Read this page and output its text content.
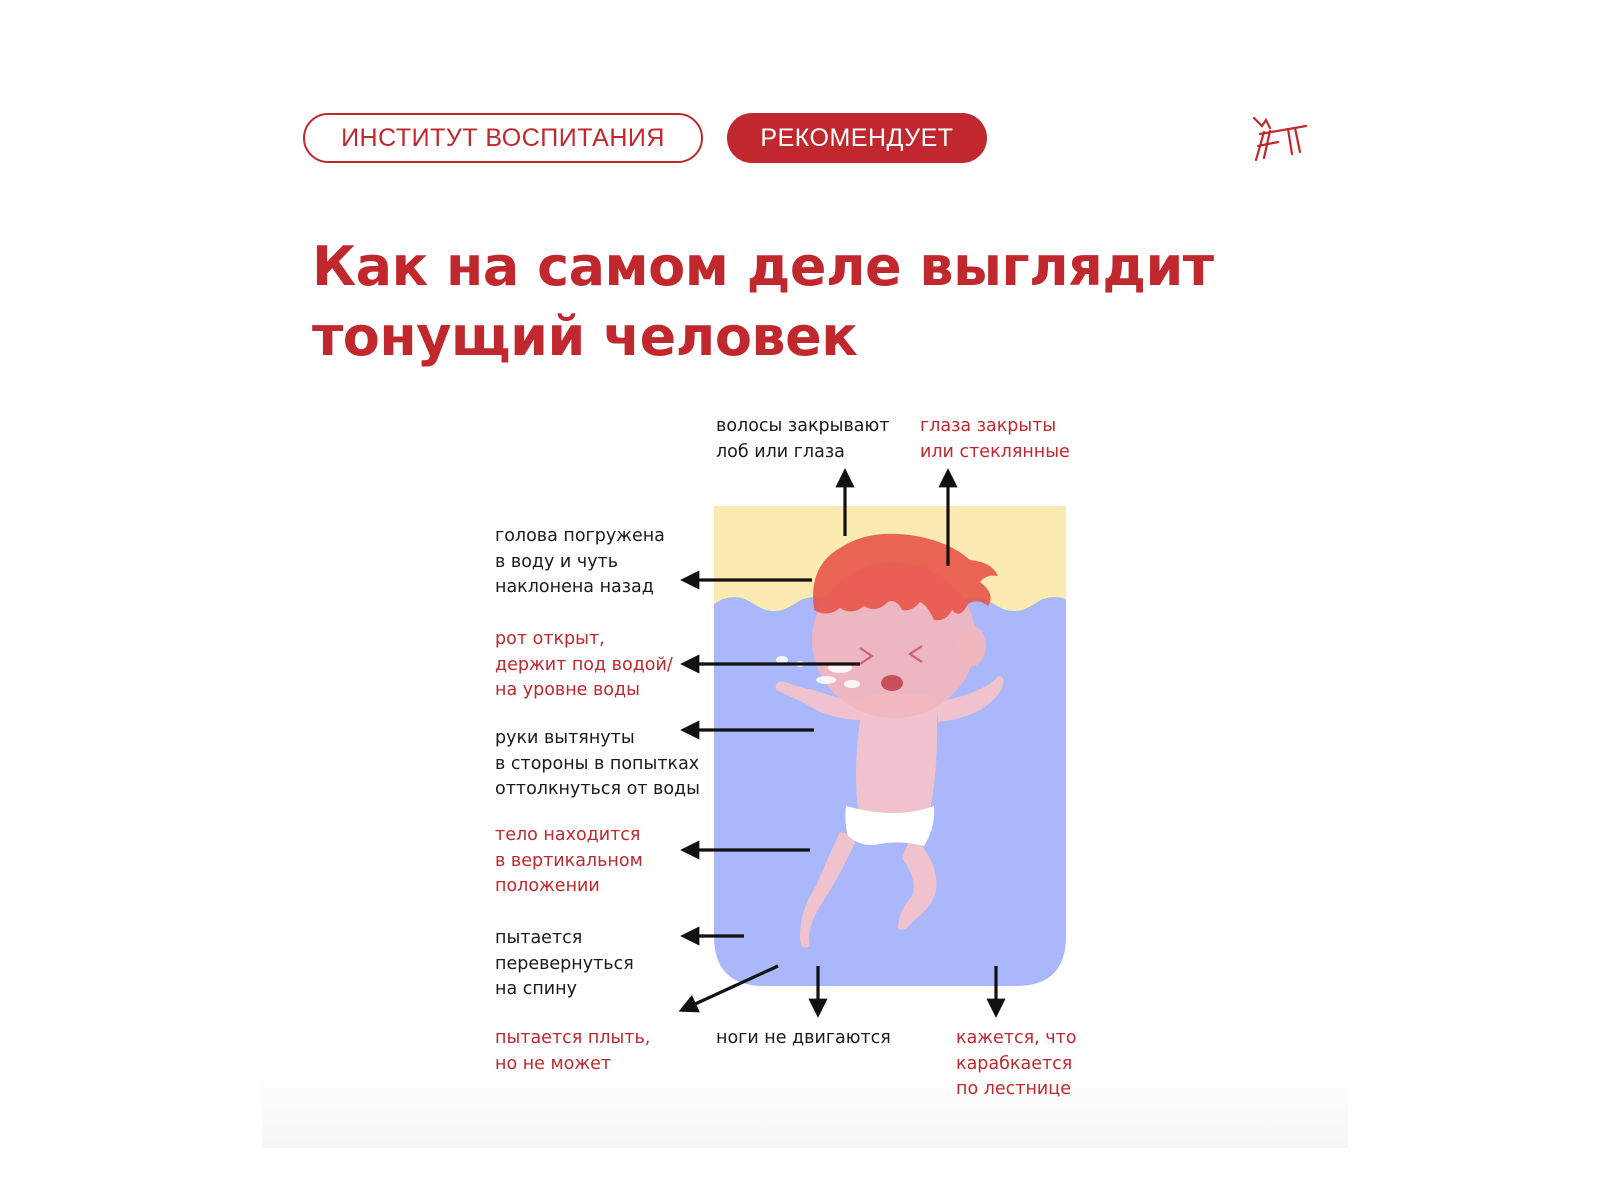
ИНСТИТУТ ВОСПИТАНИЯ	РЕКОМЕНДУЕТ
Как на самом деле выглядит
тонущий человек
волосы закрывают
лоб или глаза
глаза закрыты
или стеклянные
голова погружена
в воду и чуть
наклонена назад
рот открыт,
держит под водой/
на уровне воды
руки вытянуты
в стороны в попытках
оттолкнуться от воды
тело находится
в вертикальном
положении
пытается
перевернуться
на спину
пытается плыть,
но не может
ноги не двигаются	кажется, что
карабкается
по лестнице
